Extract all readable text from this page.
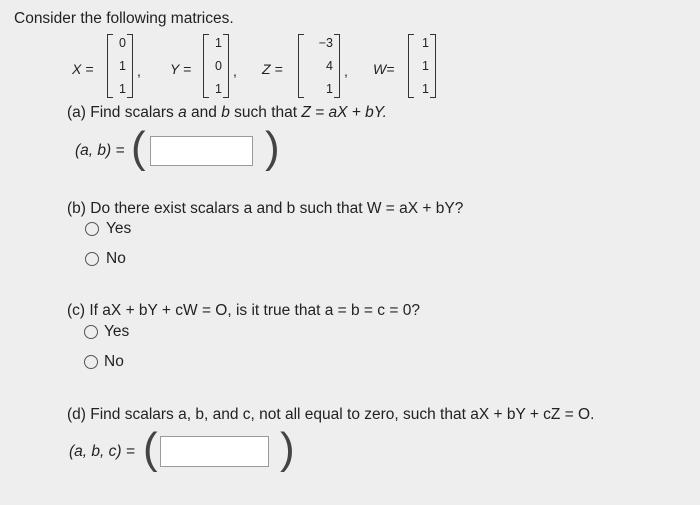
Consider the following matrices.
X =
0
1
1
, Y =
1
0
1
, Z =
−3
4
1
, W=
1
1
1
(a) Find scalars a and b such that Z = aX + bY.
(a, b) = (	)
(b) Do there exist scalars a and b such that W = aX + bY?
Yes
No
(c) If aX + bY + cW = O, is it true that a = b = c = 0?
Yes
No
(d) Find scalars a, b, and c, not all equal to zero, such that aX + bY + cZ = O.
(a, b, c) = (	)
